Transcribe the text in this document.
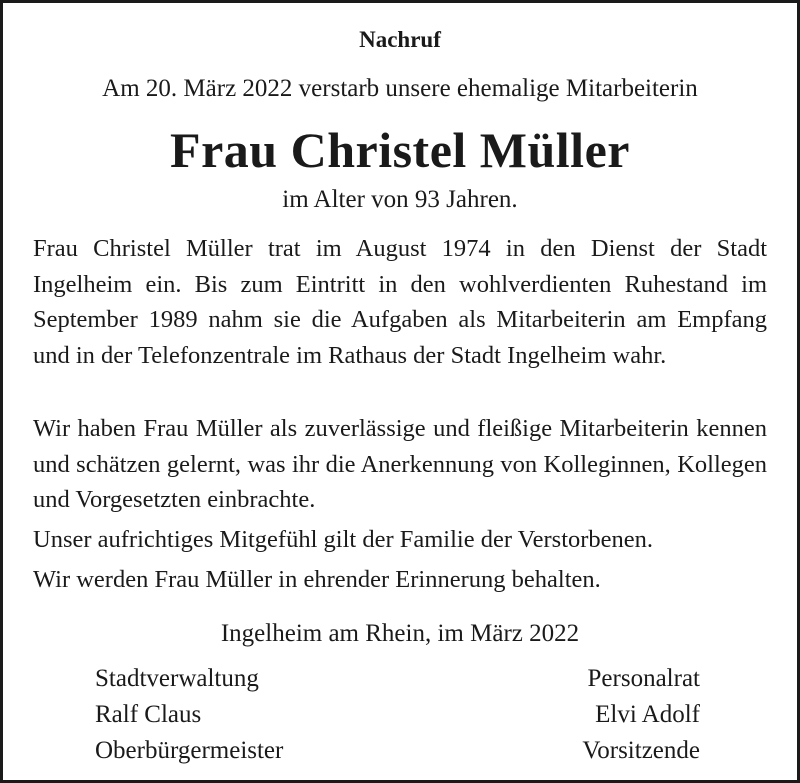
Nachruf
Am 20. März 2022 verstarb unsere ehemalige Mitarbeiterin
Frau Christel Müller
im Alter von 93 Jahren.
Frau Christel Müller trat im August 1974 in den Dienst der Stadt Ingelheim ein. Bis zum Eintritt in den wohlverdienten Ruhestand im September 1989 nahm sie die Aufgaben als Mitarbeiterin am Empfang und in der Telefonzentrale im Rathaus der Stadt Ingelheim wahr.
Wir haben Frau Müller als zuverlässige und fleißige Mitarbeiterin kennen und schätzen gelernt, was ihr die Anerkennung von Kolleginnen, Kollegen und Vorgesetzten einbrachte.
Unser aufrichtiges Mitgefühl gilt der Familie der Verstorbenen.
Wir werden Frau Müller in ehrender Erinnerung behalten.
Ingelheim am Rhein, im März 2022
Stadtverwaltung
Ralf Claus
Oberbürgermeister
Personalrat
Elvi Adolf
Vorsitzende
